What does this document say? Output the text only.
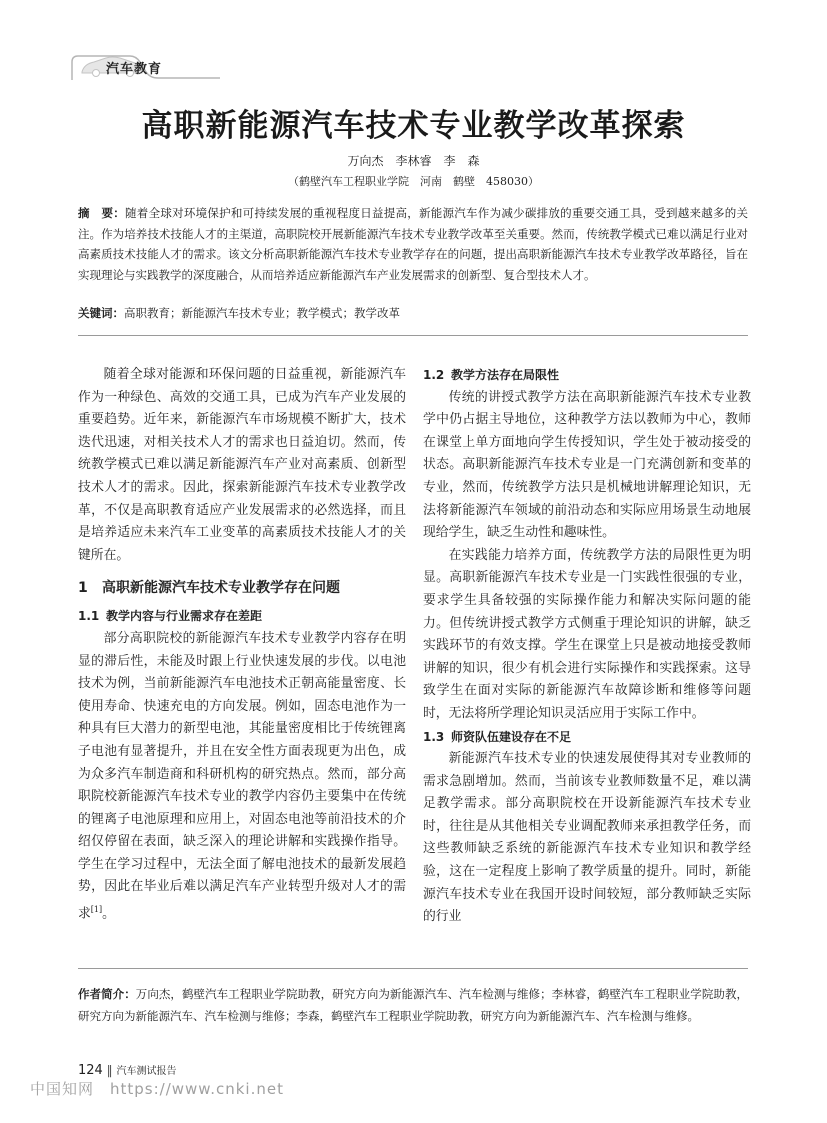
汽车教育
高职新能源汽车技术专业教学改革探索
万向杰　李林睿　李　森
（鹤壁汽车工程职业学院　河南　鹤壁　458030）
摘　要：随着全球对环境保护和可持续发展的重视程度日益提高，新能源汽车作为减少碳排放的重要交通工具，受到越来越多的关注。作为培养技术技能人才的主渠道，高职院校开展新能源汽车技术专业教学改革至关重要。然而，传统教学模式已难以满足行业对高素质技术技能人才的需求。该文分析高职新能源汽车技术专业教学存在的问题，提出高职新能源汽车技术专业教学改革路径，旨在实现理论与实践教学的深度融合，从而培养适应新能源汽车产业发展需求的创新型、复合型技术人才。
关键词：高职教育；新能源汽车技术专业；教学模式；教学改革

随着全球对能源和环保问题的日益重视，新能源汽车作为一种绿色、高效的交通工具，已成为汽车产业发展的重要趋势。近年来，新能源汽车市场规模不断扩大，技术迭代迅速，对相关技术人才的需求也日益迫切。然而，传统教学模式已难以满足新能源汽车产业对高素质、创新型技术人才的需求。因此，探索新能源汽车技术专业教学改革，不仅是高职教育适应产业发展需求的必然选择，而且是培养适应未来汽车工业变革的高素质技术技能人才的关键所在。

1 高职新能源汽车技术专业教学存在问题
1.1 教学内容与行业需求存在差距

部分高职院校的新能源汽车技术专业教学内容存在明显的滞后性，未能及时跟上行业快速发展的步伐。以电池技术为例，当前新能源汽车电池技术正朝高能量密度、长使用寿命、快速充电的方向发展。例如，固态电池作为一种具有巨大潜力的新型电池，其能量密度相比于传统锂离子电池有显著提升，并且在安全性方面表现更为出色，成为众多汽车制造商和科研机构的研究热点。然而，部分高职院校新能源汽车技术专业的教学内容仍主要集中在传统的锂离子电池原理和应用上，对固态电池等前沿技术的介绍仅停留在表面，缺乏深入的理论讲解和实践操作指导。学生在学习过程中，无法全面了解电池技术的最新发展趋势，因此在毕业后难以满足汽车产业转型升级对人才的需求[1]。

1.2 教学方法存在局限性

传统的讲授式教学方法在高职新能源汽车技术专业教学中仍占据主导地位，这种教学方法以教师为中心，教师在课堂上单方面地向学生传授知识，学生处于被动接受的状态。高职新能源汽车技术专业是一门充满创新和变革的专业，然而，传统教学方法只是机械地讲解理论知识，无法将新能源汽车领域的前沿动态和实际应用场景生动地展现给学生，缺乏生动性和趣味性。

在实践能力培养方面，传统教学方法的局限性更为明显。高职新能源汽车技术专业是一门实践性很强的专业，要求学生具备较强的实际操作能力和解决实际问题的能力。但传统讲授式教学方式侧重于理论知识的讲解，缺乏实践环节的有效支撑。学生在课堂上只是被动地接受教师讲解的知识，很少有机会进行实际操作和实践探索。这导致学生在面对实际的新能源汽车故障诊断和维修等问题时，无法将所学理论知识灵活应用于实际工作中。

1.3 师资队伍建设存在不足

新能源汽车技术专业的快速发展使得其对专业教师的需求急剧增加。然而，当前该专业教师数量不足，难以满足教学需求。部分高职院校在开设新能源汽车技术专业时，往往是从其他相关专业调配教师来承担教学任务，而这些教师缺乏系统的新能源汽车技术专业知识和教学经验，这在一定程度上影响了教学质量的提升。同时，新能源汽车技术专业在我国开设时间较短，部分教师缺乏实际的行业

作者简介：万向杰，鹤壁汽车工程职业学院助教，研究方向为新能源汽车、汽车检测与维修；李林睿，鹤壁汽车工程职业学院助教，研究方向为新能源汽车、汽车检测与维修；李森，鹤壁汽车工程职业学院助教，研究方向为新能源汽车、汽车检测与维修。
124 ‖ 汽车测试报告
中国知网　https://www.cnki.net
